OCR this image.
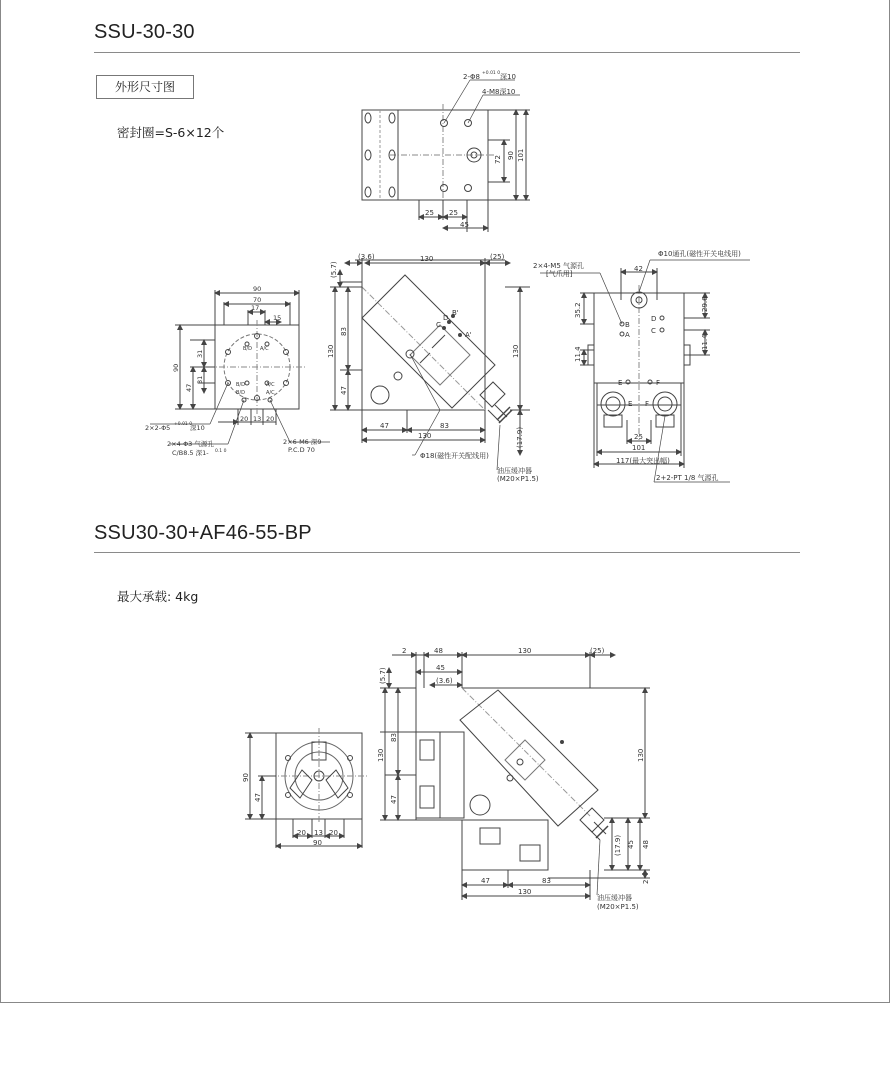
SSU-30-30
外形尺寸图
密封圈=S-6×12个
SSU30-30+AF46-55-BP
最大承载: 4kg
2-Φ8 +0.01 0 深10
4-M8深10
72 90 101
25 25
45
90
70
17
15
31
31
47
90
20 13 20
B/D A/C
B/D	A/C
B/D	A/C
2×2-Φ5 +0.01 0
深10
2×4-Φ3 气源孔
C/B8.5 深1- 0.1 0
2×6-M6 深9
P.C.D 70
(3.6)	130	(25)
(5.7)
83
130
47
130
47	83
130	(17.9)
C
D
B'
A'
Φ18(磁性开关配线用)
油压缓冲器
(M20×P1.5)
Φ10通孔(磁性开关电线用)
2×4-M5 气源孔
[气爪用]
42
35.2	29.6
11.4
11.4
25
101
117(最大突出幅)
B
A
D
C
E	F
E F
2+2-PT 1/8 气源孔
90
47
20 13 20
90
2	48	130	(25)
45
(3.6)
(5.7)
83
130
47
130
(17.9) 45 48
2
47	83
130
油压缓冲器
(M20×P1.5)
